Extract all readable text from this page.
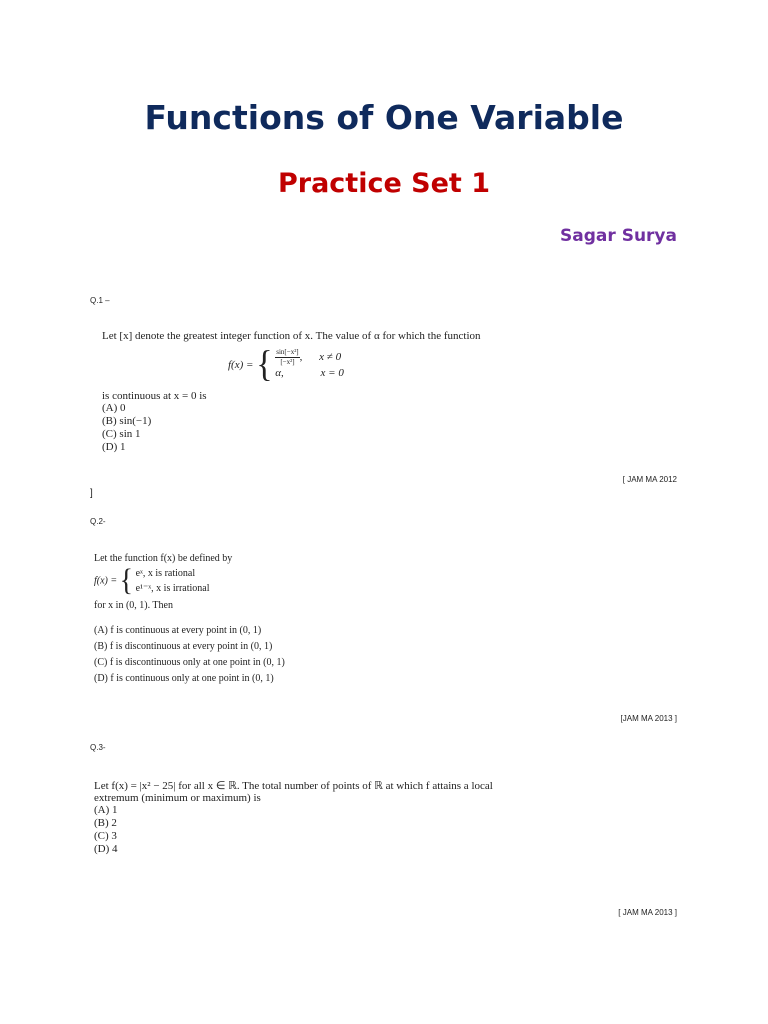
Functions of One Variable
Practice Set 1
Sagar Surya
Q.1 –
Let [x] denote the greatest integer function of x. The value of α for which the function
f(x) = { $\frac{\text{sin[−x²]}}{\text{[−x²]}}$ , x ≠ 0
α,	x = 0
is continuous at x = 0 is
(A) 0
(B) sin(−1)
(C) sin 1
(D) 1
[ JAM MA 2012
]
Q.2-
Let the function f(x) be defined by
f(x) = { eˣ, x is rational
e¹⁻ˣ, x is irrational
for x in (0, 1). Then
(A) f is continuous at every point in (0, 1)
(B) f is discontinuous at every point in (0, 1)
(C) f is discontinuous only at one point in (0, 1)
(D) f is continuous only at one point in (0, 1)
[JAM MA 2013 ]
Q.3-
Let f(x) = |x² − 25| for all x ∈ ℝ. The total number of points of ℝ at which f attains a local
extremum (minimum or maximum) is
(A) 1
(B) 2
(C) 3
(D) 4
[ JAM MA 2013 ]
